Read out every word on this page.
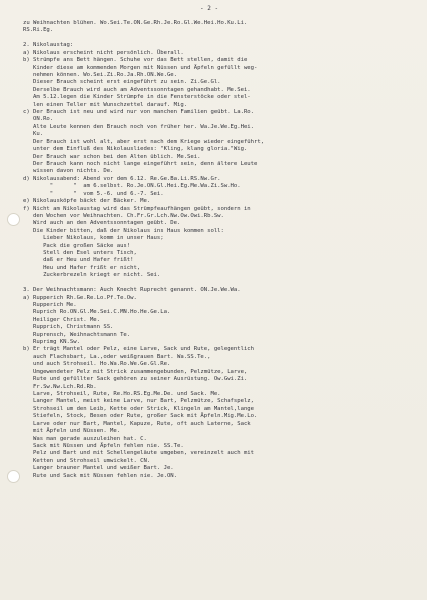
- 2 -
zu Weihnachten blühen. Wo.Sei.Te.ON.Ge.Rh.Je.Ro.Gl.We.Hei.Ho.Ku.Li.
RS.Ri.Eg.
2. Nikolaustag:
a) Nikolaus erscheint nicht persönlich. Überall.
b) Strümpfe ans Bett hängen. Schuhe vor das Bett stellen, damit die
Kinder diese am kommenden Morgen mit Nüssen und Äpfeln gefüllt weg-
nehmen können. Wo.Sei.Zi.Ro.Ja.Rh.ON.We.Ge.
Dieser Brauch scheint erst eingeführt zu sein. Zi.Ge.Gl.
Derselbe Brauch wird auch am Adventssonntagen gehandhabt. Me.Sei.
Am 5.12.legen die Kinder Strümpfe in die Fensterstöcke oder stel-
len einen Teller mit Wunschzettel darauf. Mig.
c) Der Brauch ist neu und wird nur von manchen Familien geübt. La.Ro.
ON.Ro.
Alte Leute kennen den Brauch noch von früher her. Wa.Je.We.Eg.Hei.
Ku.
Der Brauch ist wohl alt, aber erst nach dem Kriege wieder eingeführt,
unter dem Einfluß des Nikolausliedes: "Kling, klang gloria."Wig.
Der Brauch war schon bei den Alten üblich. Me.Sei.
Der Brauch kann noch nicht lange eingeführt sein, denn ältere Leute
wissen davon nichts. De.
d) Nikolausabend: Abend vor dem 6.12. Re.Ge.Ba.Li.RS.Nw.Gr.
"      "  am 6.selbst. Ro.Je.ON.Gl.Hei.Eg.Me.Wa.Zi.Sw.Ho.
"      "  vom 5.-6. und 6.-7. Sei.
e) Nikolausköpfe bäckt der Bäcker. Me.
f) Nicht am Nikolaustag wird das Strümpfeaufhängen geübt, sondern in
den Wochen vor Weihnachten. Ch.Fr.Gr.Lch.Nw.Ow.Owi.Rb.Sw.
Wird auch an den Adventssonntagen geübt. De.
Die Kinder bitten, daß der Nikolaus ins Haus kommen soll:
Lieber Nikolaus, komm in unser Haus;
Pack die großen Säcke aus!
Stell den Esel unters Tisch,
daß er Heu und Hafer frißt!
Heu und Hafer frißt er nicht,
Zuckerbrezeln kriegt er nicht. Sei.
3. Der Weihnachtsmann: Auch Knecht Ruprecht genannt. ON.Je.We.Wa.
a) Rupperich Rh.Ge.Re.Lo.Pf.Te.Ow.
Rupperich Me.
Ruprich Ro.ON.Gl.Me.Sei.C.MN.Ho.He.Ge.La.
Heiliger Christ. Me.
Rupprich, Christmann SS.
Ruprensch, Weihnachtsmann Te.
Ruprimg KN.Sw.
b) Er trägt Mantel oder Pelz, eine Larve, Sack und Rute, gelegentlich
auch Flachsbart, La.,oder weißgrauen Bart. Wa.SS.Te.,
und auch Strohseil. Ho.Wa.Ro.We.Ge.Gl.Re.
Umgewendeter Pelz mit Strick zusammengebunden, Pelzmütze, Larve,
Rute und gefüllter Sack gehören zu seiner Ausrüstung. Ow.Gwi.Zi.
Fr.Sw.Nw.Lch.Rd.Rb.
Larve, Strohseil, Rute, Re.Ho.RS.Eg.Me.De. und Sack. Me.
Langer Mantel, meist keine Larve, nur Bart, Pelzmütze, Schafspelz,
Strohseil um den Leib, Kette oder Strick, Klingeln am Mantel,lange
Stiefeln, Stock, Besen oder Rute, großer Sack mit Äpfeln.Mig.Me.Lo.
Larve oder nur Bart, Mantel, Kapuze, Rute, oft auch Laterne, Sack
mit Äpfeln und Nüssen. Me.
Was man gerade auszuleihen hat. C.
Sack mit Nüssen und Äpfeln fehlen nie. SS.Te.
Pelz und Bart und mit Schellengeläute umgeben, vereinzelt auch mit
Ketten und Strohseil umwickelt. CN.
Langer brauner Mantel und weißer Bart. Je.
Rute und Sack mit Nüssen fehlen nie. Je.ON.
